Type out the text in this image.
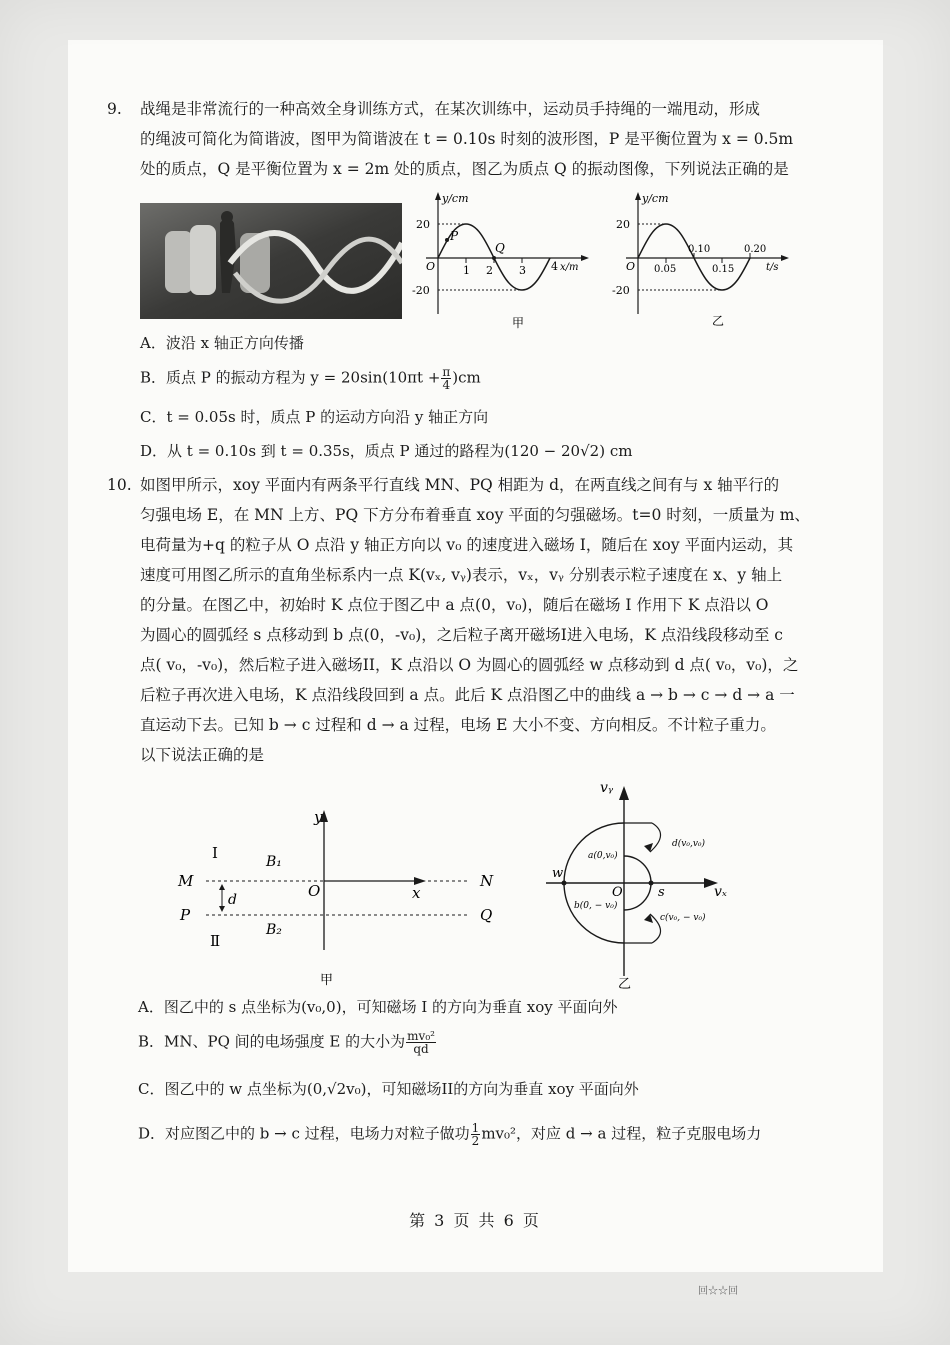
9. 战绳是非常流行的一种高效全身训练方式，在某次训练中，运动员手持绳的一端甩动，形成
的绳波可简化为简谐波，图甲为简谐波在 t = 0.10s 时刻的波形图，P 是平衡位置为 x = 0.5m
处的质点，Q 是平衡位置为 x = 2m 处的质点，图乙为质点 Q 的振动图像，下列说法正确的是
y/cm
20
-20
O
P
Q
1 2 3 4 x/m
甲
y/cm
20
-20
O 0.05	0.15
0.10	0.20
t/s
乙
A．波沿 x 轴正方向传播
B．质点 P 的振动方程为 $y = 20\sin(10\pi t + \frac{\pi}{4} )cm$
C．t = 0.05s 时，质点 P 的运动方向沿 y 轴正方向
D．从 t = 0.10s 到 t = 0.35s，质点 P 通过的路程为(120 − 20√2) cm
10. 如图甲所示，xoy 平面内有两条平行直线 MN、PQ 相距为 d，在两直线之间有与 x 轴平行的
匀强电场 E，在 MN 上方、PQ 下方分布着垂直 xoy 平面的匀强磁场。t=0 时刻，一质量为 m、
电荷量为+q 的粒子从 O 点沿 y 轴正方向以 v₀ 的速度进入磁场 I，随后在 xoy 平面内运动，其
速度可用图乙所示的直角坐标系内一点 K(vₓ, vᵧ)表示，vₓ，vᵧ 分别表示粒子速度在 x、y 轴上
的分量。在图乙中，初始时 K 点位于图乙中 a 点(0，v₀)，随后在磁场 I 作用下 K 点沿以 O
为圆心的圆弧经 s 点移动到 b 点(0，-v₀)，之后粒子离开磁场I进入电场，K 点沿线段移动至 c
点( v₀，-v₀)，然后粒子进入磁场II，K 点沿以 O 为圆心的圆弧经 w 点移动到 d 点( v₀，v₀)，之
后粒子再次进入电场，K 点沿线段回到 a 点。此后 K 点沿图乙中的曲线 a → b → c → d → a 一
直运动下去。已知 b → c 过程和 d → a 过程，电场 E 大小不变、方向相反。不计粒子重力。
以下说法正确的是
y
I	B₁
M	N
O	x
d
P	Q
B₂
Ⅱ
甲
vᵧ
vₓ
O
w
s
a(0,v₀)
d(v₀,v₀)
b(0, − v₀)
c(v₀, − v₀)
乙
A．图乙中的 s 点坐标为(v₀,0)，可知磁场 I 的方向为垂直 xoy 平面向外
B．MN、PQ 间的电场强度 E 的大小为 $\frac{\text{mv₀²}}{qd}$
C．图乙中的 w 点坐标为(0,√2v₀)，可知磁场II的方向为垂直 xoy 平面向外
D．对应图乙中的 b → c 过程，电场力对粒子做功 $\frac{1}{2} mv_0^2$，对应 d → a 过程，粒子克服电场力
第 3 页 共 6 页
回☆☆回
